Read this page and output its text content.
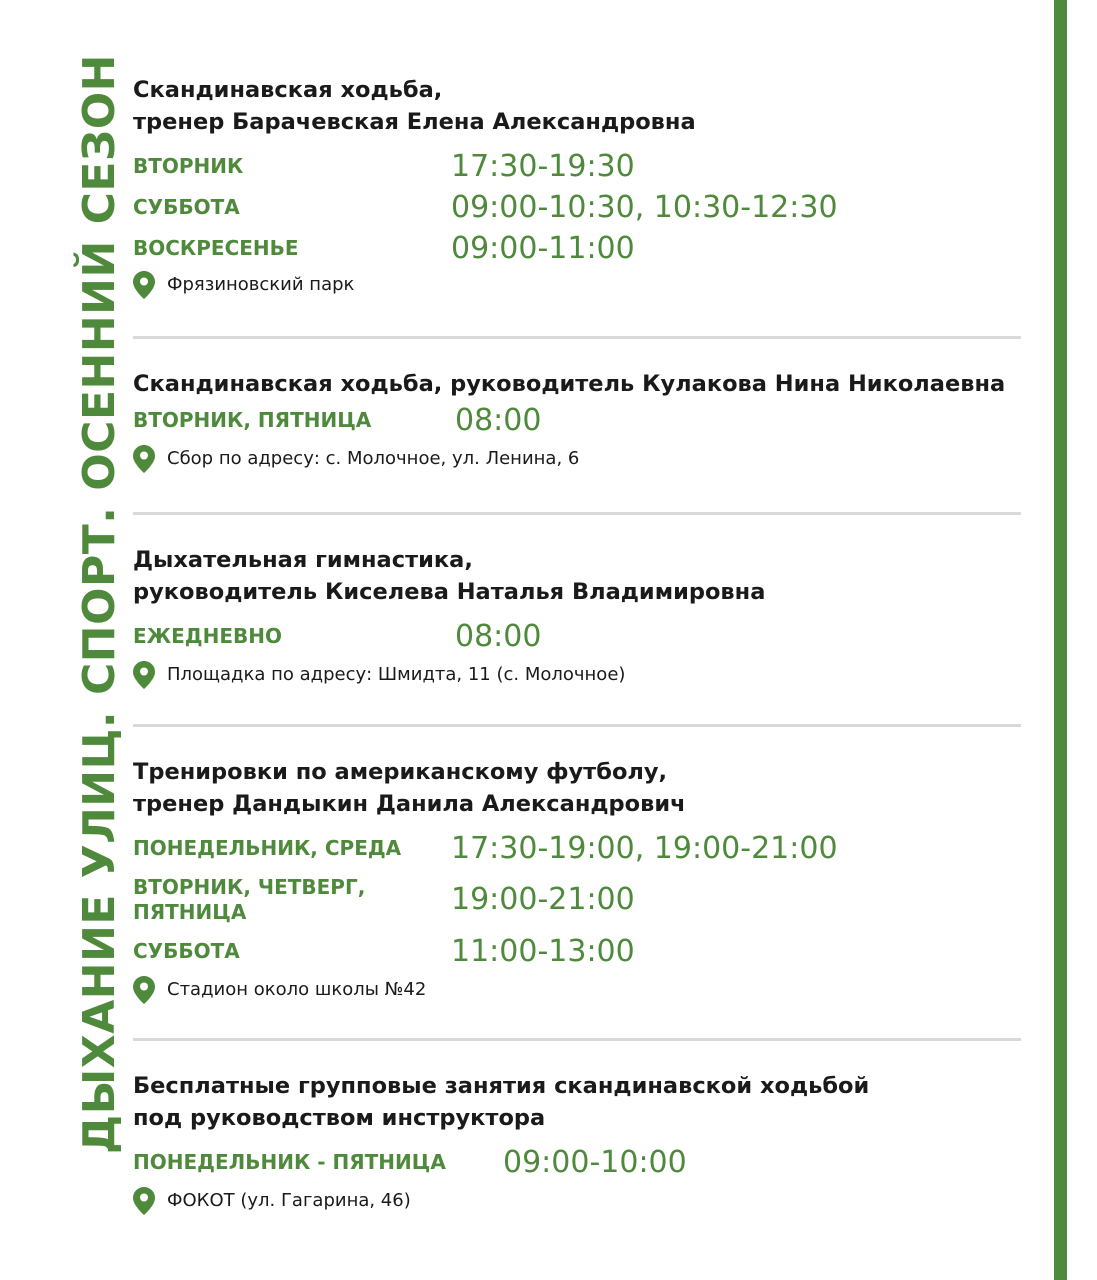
ДЫХАНИЕ УЛИЦ. СПОРТ. ОСЕННИЙ СЕЗОН Скандинавская ходьба,
тренер Барачевская Елена Александровна

ВТОРНИК	17:30-19:30
СУББОТА	09:00-10:30, 10:30-12:30
ВОСКРЕСЕНЬЕ	09:00-11:00
Фрязиновский парк

Скандинавская ходьба, руководитель Кулакова Нина Николаевна

ВТОРНИК, ПЯТНИЦА	08:00
Сбор по адресу: с. Молочное, ул. Ленина, 6

Дыхательная гимнастика,
руководитель Киселева Наталья Владимировна

ЕЖЕДНЕВНО	08:00
Площадка по адресу: Шмидта, 11 (с. Молочное)

Тренировки по американскому футболу,
тренер Дандыкин Данила Александрович

ПОНЕДЕЛЬНИК, СРЕДА	17:30-19:00, 19:00-21:00
ВТОРНИК, ЧЕТВЕРГ,
ПЯТНИЦА	19:00-21:00
СУББОТА	11:00-13:00
Стадион около школы №42

Бесплатные групповые занятия скандинавской ходьбой
под руководством инструктора

ПОНЕДЕЛЬНИК - ПЯТНИЦА	09:00-10:00
ФОКОТ (ул. Гагарина, 46)
